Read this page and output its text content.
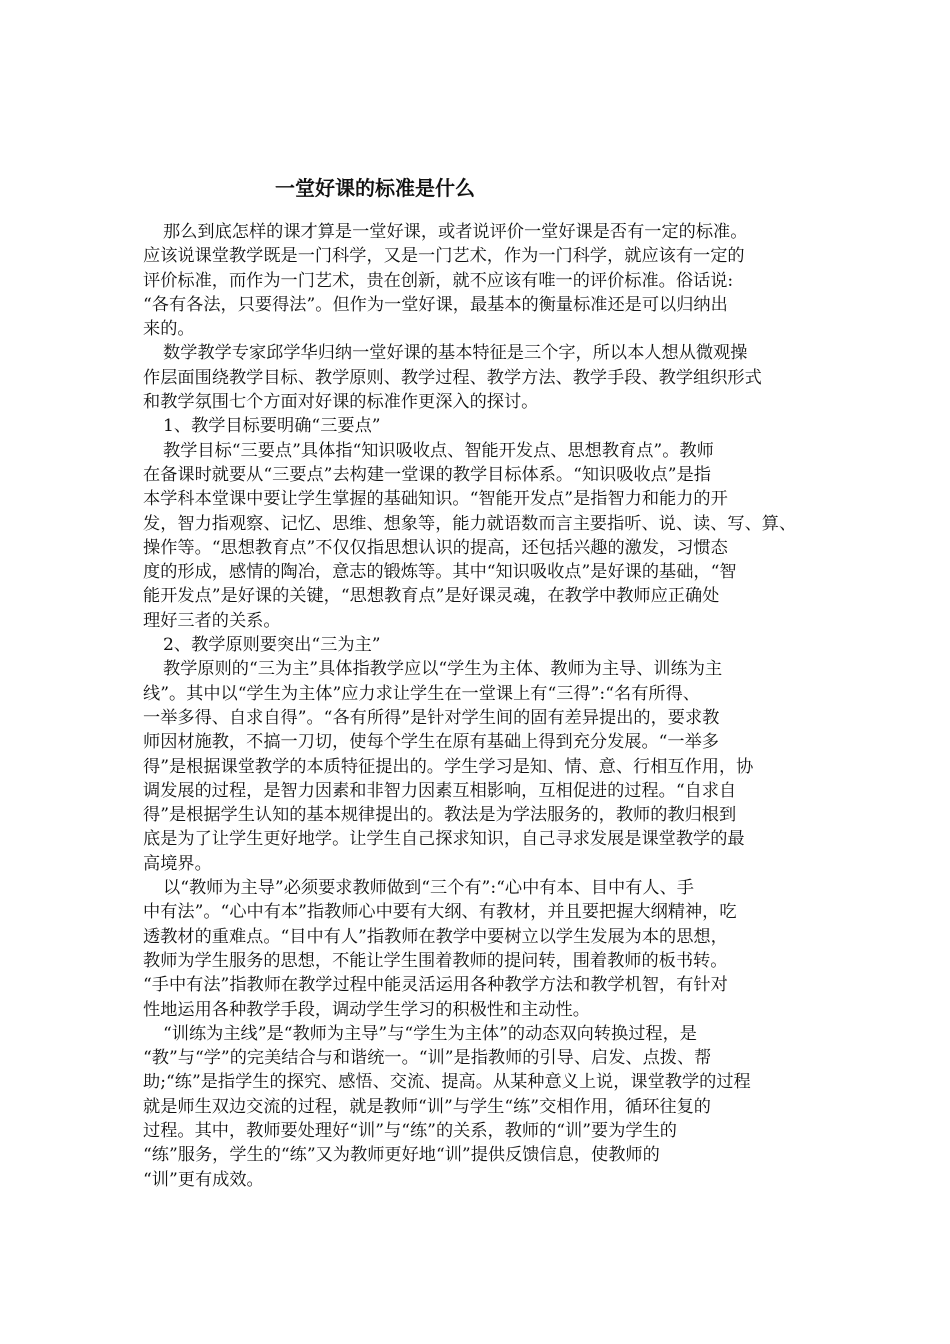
一堂好课的标准是什么
那么到底怎样的课才算是一堂好课，或者说评价一堂好课是否有一定的标准。
应该说课堂教学既是一门科学，又是一门艺术，作为一门科学，就应该有一定的
评价标准，而作为一门艺术，贵在创新，就不应该有唯一的评价标准。俗话说:
“各有各法，只要得法”。但作为一堂好课，最基本的衡量标准还是可以归纳出
来的。
数学教学专家邱学华归纳一堂好课的基本特征是三个字，所以本人想从微观操
作层面围绕教学目标、教学原则、教学过程、教学方法、教学手段、教学组织形式
和教学氛围七个方面对好课的标准作更深入的探讨。
1、教学目标要明确“三要点”
教学目标“三要点”具体指“知识吸收点、智能开发点、思想教育点”。教师
在备课时就要从“三要点”去构建一堂课的教学目标体系。“知识吸收点”是指
本学科本堂课中要让学生掌握的基础知识。“智能开发点”是指智力和能力的开
发，智力指观察、记忆、思维、想象等，能力就语数而言主要指听、说、读、写、算、
操作等。“思想教育点”不仅仅指思想认识的提高，还包括兴趣的激发，习惯态
度的形成，感情的陶冶，意志的锻炼等。其中“知识吸收点”是好课的基础，“智
能开发点”是好课的关键，“思想教育点”是好课灵魂，在教学中教师应正确处
理好三者的关系。
2、教学原则要突出“三为主”
教学原则的“三为主”具体指教学应以“学生为主体、教师为主导、训练为主
线”。其中以“学生为主体”应力求让学生在一堂课上有“三得”:“名有所得、
一举多得、自求自得”。“各有所得”是针对学生间的固有差异提出的，要求教
师因材施教，不搞一刀切，使每个学生在原有基础上得到充分发展。“一举多
得”是根据课堂教学的本质特征提出的。学生学习是知、情、意、行相互作用，协
调发展的过程，是智力因素和非智力因素互相影响，互相促进的过程。“自求自
得”是根据学生认知的基本规律提出的。教法是为学法服务的，教师的教归根到
底是为了让学生更好地学。让学生自己探求知识，自己寻求发展是课堂教学的最
高境界。
以“教师为主导”必须要求教师做到“三个有”:“心中有本、目中有人、手
中有法”。“心中有本”指教师心中要有大纲、有教材，并且要把握大纲精神，吃
透教材的重难点。“目中有人”指教师在教学中要树立以学生发展为本的思想，
教师为学生服务的思想，不能让学生围着教师的提问转，围着教师的板书转。
“手中有法”指教师在教学过程中能灵活运用各种教学方法和教学机智，有针对
性地运用各种教学手段，调动学生学习的积极性和主动性。
“训练为主线”是“教师为主导”与“学生为主体”的动态双向转换过程，是
“教”与“学”的完美结合与和谐统一。“训”是指教师的引导、启发、点拨、帮
助;“练”是指学生的探究、感悟、交流、提高。从某种意义上说，课堂教学的过程
就是师生双边交流的过程，就是教师“训”与学生“练”交相作用，循环往复的
过程。其中，教师要处理好“训”与“练”的关系，教师的“训”要为学生的
“练”服务，学生的“练”又为教师更好地“训”提供反馈信息，使教师的
“训”更有成效。
